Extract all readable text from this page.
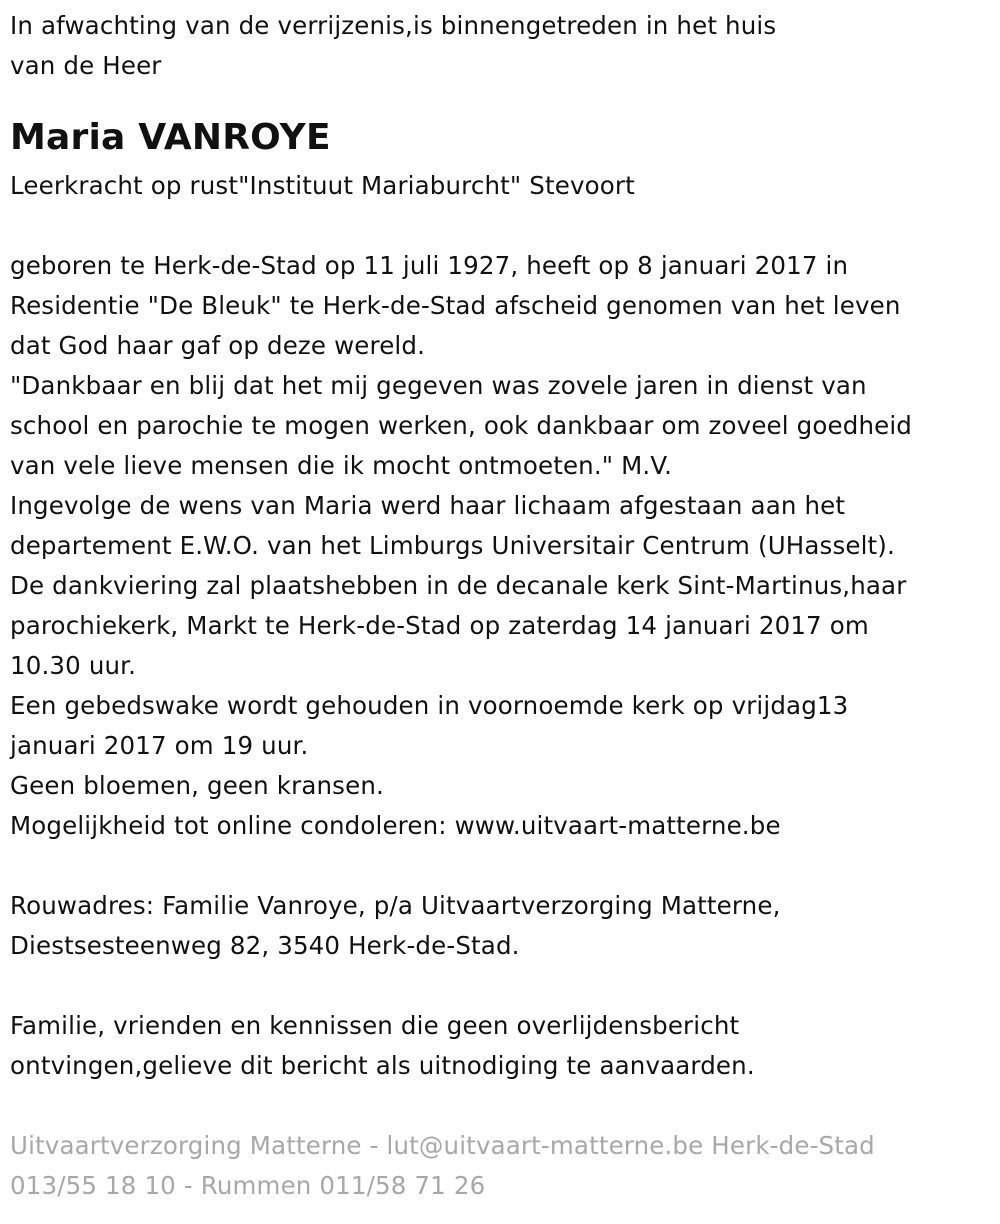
In afwachting van de verrijzenis,is binnengetreden in het huis
van de Heer
Maria VANROYE
Leerkracht op rust"Instituut Mariaburcht" Stevoort
geboren te Herk-de-Stad op 11 juli 1927, heeft op 8 januari 2017 in
Residentie "De Bleuk" te Herk-de-Stad afscheid genomen van het leven
dat God haar gaf op deze wereld.
"Dankbaar en blij dat het mij gegeven was zovele jaren in dienst van
school en parochie te mogen werken, ook dankbaar om zoveel goedheid
van vele lieve mensen die ik mocht ontmoeten." M.V.
Ingevolge de wens van Maria werd haar lichaam afgestaan aan het
departement E.W.O. van het Limburgs Universitair Centrum (UHasselt).
De dankviering zal plaatshebben in de decanale kerk Sint-Martinus,haar
parochiekerk, Markt te Herk-de-Stad op zaterdag 14 januari 2017 om
10.30 uur.
Een gebedswake wordt gehouden in voornoemde kerk op vrijdag13
januari 2017 om 19 uur.
Geen bloemen, geen kransen.
Mogelijkheid tot online condoleren: www.uitvaart-matterne.be
Rouwadres: Familie Vanroye, p/a Uitvaartverzorging Matterne,
Diestsesteenweg 82, 3540 Herk-de-Stad.
Familie, vrienden en kennissen die geen overlijdensbericht
ontvingen,gelieve dit bericht als uitnodiging te aanvaarden.
Uitvaartverzorging Matterne - lut@uitvaart-matterne.be Herk-de-Stad
013/55 18 10 - Rummen 011/58 71 26
